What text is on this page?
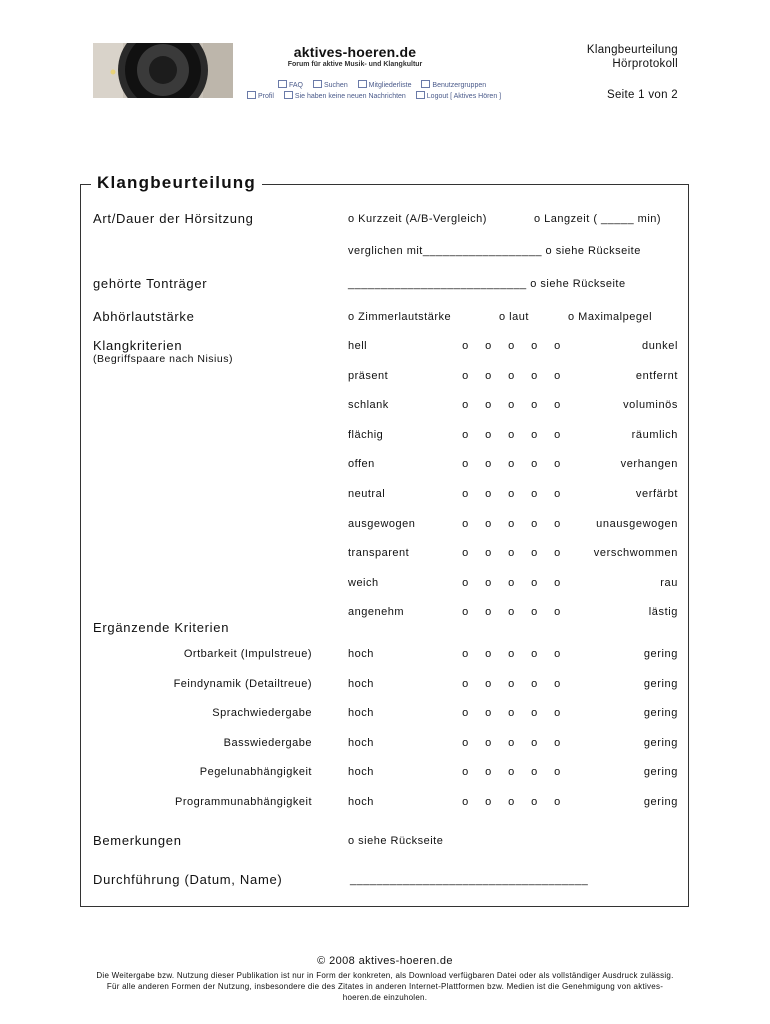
aktives-hoeren.de
Forum für aktive Musik- und Klangkultur
FAQ	Suchen	Mitgliederliste	Benutzergruppen
Profil	Sie haben keine neuen Nachrichten	Logout [ Aktives Hören ]
Klangbeurteilung
Hörprotokoll
Seite 1 von 2
Klangbeurteilung
Art/Dauer der Hörsitzung	o Kurzzeit (A/B-Vergleich)	o Langzeit ( _____ min)
verglichen mit__________________ o siehe Rückseite
gehörte Tonträger	___________________________ o siehe Rückseite
Abhörlautstärke	o Zimmerlautstärke	o laut	o Maximalpegel
Klangkriterien
(Begriffspaare nach Nisius)
hell	o o o o o	dunkel
präsent	o o o o o	entfernt
schlank	o o o o o	voluminös
flächig	o o o o o	räumlich
offen	o o o o o	verhangen
neutral	o o o o o	verfärbt
ausgewogen	o o o o o	unausgewogen
transparent	o o o o o	verschwommen
weich	o o o o o	rau
angenehm	o o o o o	lästig
Ergänzende Kriterien
Ortbarkeit (Impulstreue)	hoch	o o o o o	gering
Feindynamik (Detailtreue)	hoch	o o o o o	gering
Sprachwiedergabe	hoch	o o o o o	gering
Basswiedergabe	hoch	o o o o o	gering
Pegelunabhängigkeit	hoch	o o o o o	gering
Programmunabhängigkeit	hoch	o o o o o	gering
Bemerkungen	o siehe Rückseite
Durchführung (Datum, Name)	____________________________________
© 2008 aktives-hoeren.de
Die Weitergabe bzw. Nutzung dieser Publikation ist nur in Form der konkreten, als Download verfügbaren Datei oder als vollständiger Ausdruck zulässig. Für alle anderen Formen der Nutzung, insbesondere die des Zitates in anderen Internet-Plattformen bzw. Medien ist die Genehmigung von aktives-hoeren.de einzuholen.
